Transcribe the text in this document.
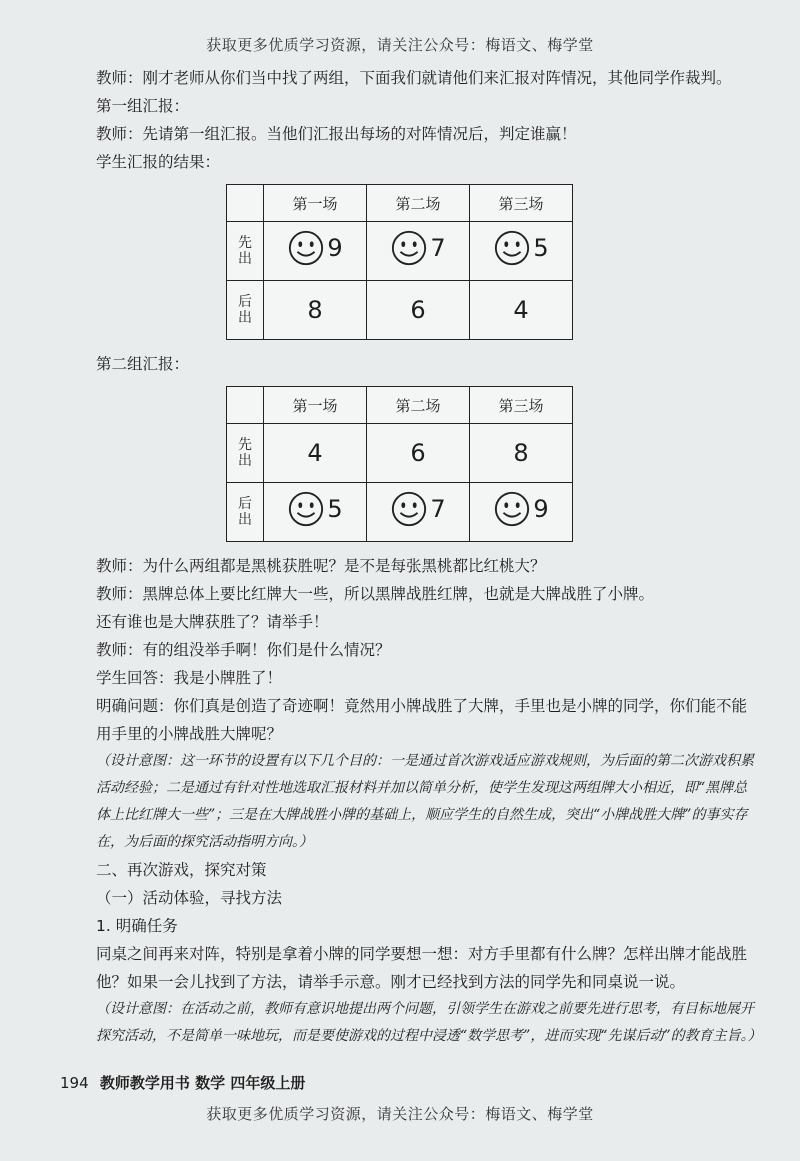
获取更多优质学习资源，请关注公众号：梅语文、梅学堂

教师：刚才老师从你们当中找了两组，下面我们就请他们来汇报对阵情况，其他同学作裁判。

第一组汇报：

教师：先请第一组汇报。当他们汇报出每场的对阵情况后，判定谁赢！

学生汇报的结果：

	第一场	第二场	第三场
先
出	9	7	5

后
出	8	6	4

第二组汇报：

	第一场	第二场	第三场
先
出	4	6	8
后
出	5	7	9

教师：为什么两组都是黑桃获胜呢？是不是每张黑桃都比红桃大？

教师：黑牌总体上要比红牌大一些，所以黑牌战胜红牌，也就是大牌战胜了小牌。

还有谁也是大牌获胜了？请举手！

教师：有的组没举手啊！你们是什么情况？

学生回答：我是小牌胜了！

明确问题：你们真是创造了奇迹啊！竟然用小牌战胜了大牌，手里也是小牌的同学，你们能不能用手里的小牌战胜大牌呢？

（设计意图：这一环节的设置有以下几个目的：一是通过首次游戏适应游戏规则，为后面的第二次游戏积累活动经验；二是通过有针对性地选取汇报材料并加以简单分析，使学生发现这两组牌大小相近，即“黑牌总体上比红牌大一些”；三是在大牌战胜小牌的基础上，顺应学生的自然生成，突出“小牌战胜大牌”的事实存在，为后面的探究活动指明方向。）

二、再次游戏，探究对策

（一）活动体验，寻找方法

1. 明确任务

同桌之间再来对阵，特别是拿着小牌的同学要想一想：对方手里都有什么牌？怎样出牌才能战胜他？如果一会儿找到了方法，请举手示意。刚才已经找到方法的同学先和同桌说一说。

（设计意图：在活动之前，教师有意识地提出两个问题，引领学生在游戏之前要先进行思考，有目标地展开探究活动，不是简单一味地玩，而是要使游戏的过程中浸透“数学思考”，进而实现“先谋后动”的教育主旨。）

194 教师教学用书 数学 四年级上册
获取更多优质学习资源，请关注公众号：梅语文、梅学堂
